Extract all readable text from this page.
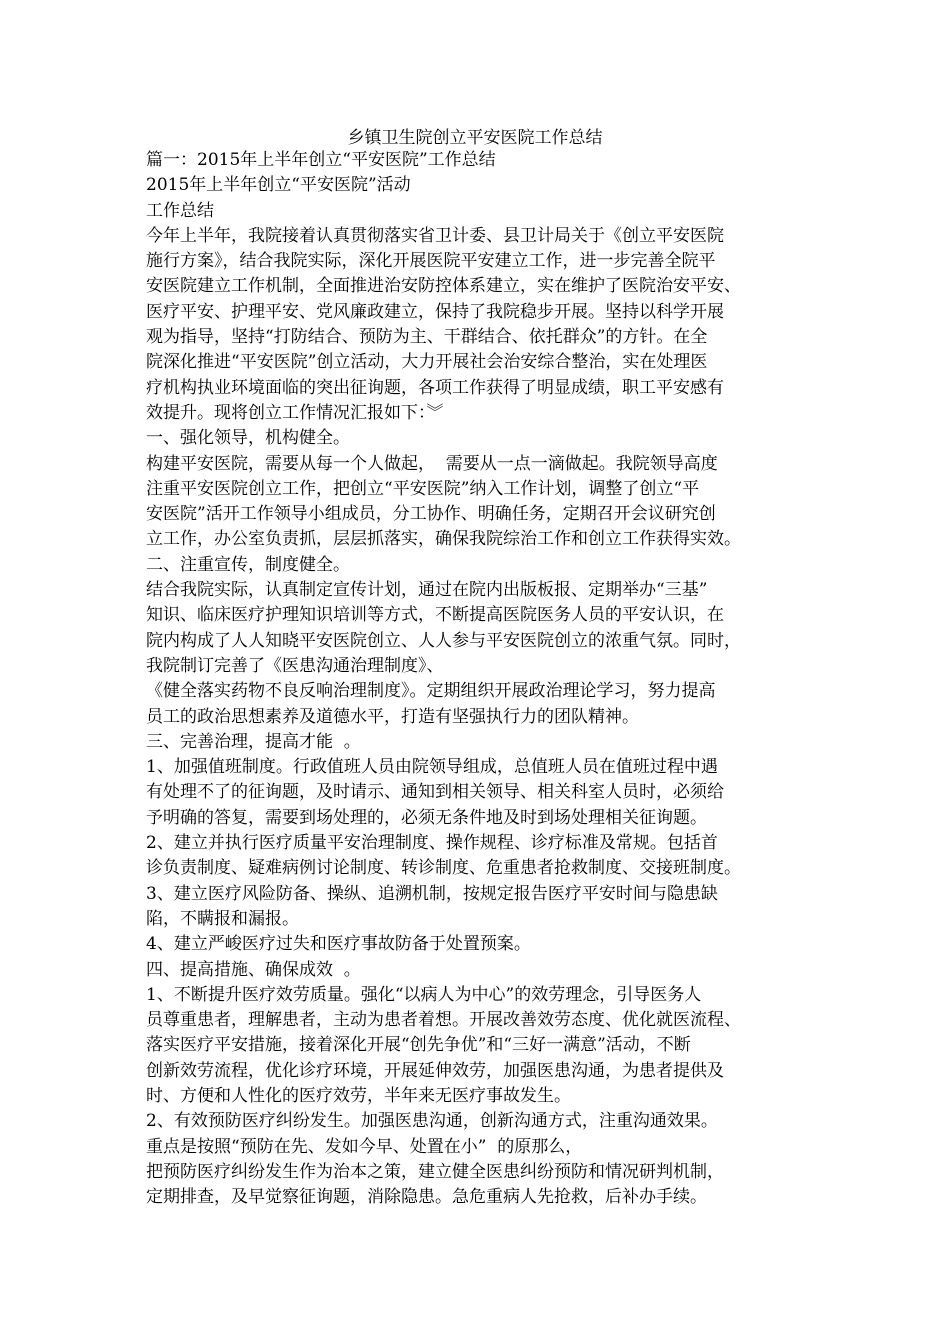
乡镇卫生院创立平安医院工作总结
篇一：2015年上半年创立“平安医院”工作总结
2015年上半年创立“平安医院”活动
工作总结
今年上半年，我院接着认真贯彻落实省卫计委、县卫计局关于《创立平安医院
施行方案》，结合我院实际，深化开展医院平安建立工作，进一步完善全院平
安医院建立工作机制，全面推进治安防控体系建立，实在维护了医院治安平安、
医疗平安、护理平安、党风廉政建立，保持了我院稳步开展。坚持以科学开展
观为指导，坚持“打防结合、预防为主、干群结合、依托群众”的方针。在全
院深化推进“平安医院”创立活动，大力开展社会治安综合整治，实在处理医
疗机构执业环境面临的突出征询题，各项工作获得了明显成绩，职工平安感有
效提升。现将创立工作情况汇报如下：︾
一、强化领导，机构健全。
构建平安医院，需要从每一个人做起，  需要从一点一滴做起。我院领导高度
注重平安医院创立工作，把创立“平安医院”纳入工作计划，调整了创立“平
安医院”活开工作领导小组成员，分工协作、明确任务，定期召开会议研究创
立工作，办公室负责抓，层层抓落实，确保我院综治工作和创立工作获得实效。
二、注重宣传，制度健全。
结合我院实际，认真制定宣传计划，通过在院内出版板报、定期举办“三基”
知识、临床医疗护理知识培训等方式，不断提高医院医务人员的平安认识，在
院内构成了人人知晓平安医院创立、人人参与平安医院创立的浓重气氛。同时，
我院制订完善了《医患沟通治理制度》、
《健全落实药物不良反响治理制度》。定期组织开展政治理论学习，努力提高
员工的政治思想素养及道德水平，打造有坚强执行力的团队精神。
三、完善治理，提高才能  。
1、加强值班制度。行政值班人员由院领导组成，总值班人员在值班过程中遇
有处理不了的征询题，及时请示、通知到相关领导、相关科室人员时，必须给
予明确的答复，需要到场处理的，必须无条件地及时到场处理相关征询题。
2、建立并执行医疗质量平安治理制度、操作规程、诊疗标准及常规。包括首
诊负责制度、疑难病例讨论制度、转诊制度、危重患者抢救制度、交接班制度。
3、建立医疗风险防备、操纵、追溯机制，按规定报告医疗平安时间与隐患缺
陷，不瞒报和漏报。
4、建立严峻医疗过失和医疗事故防备于处置预案。
四、提高措施、确保成效  。
1、不断提升医疗效劳质量。强化“以病人为中心”的效劳理念，引导医务人
员尊重患者，理解患者，主动为患者着想。开展改善效劳态度、优化就医流程、
落实医疗平安措施，接着深化开展“创先争优”和“三好一满意”活动，不断
创新效劳流程，优化诊疗环境，开展延伸效劳，加强医患沟通，为患者提供及
时、方便和人性化的医疗效劳，半年来无医疗事故发生。
2、有效预防医疗纠纷发生。加强医患沟通，创新沟通方式，注重沟通效果。
重点是按照“预防在先、发如今早、处置在小”  的原那么，
把预防医疗纠纷发生作为治本之策，建立健全医患纠纷预防和情况研判机制，
定期排查，及早觉察征询题，消除隐患。急危重病人先抢救，后补办手续。
